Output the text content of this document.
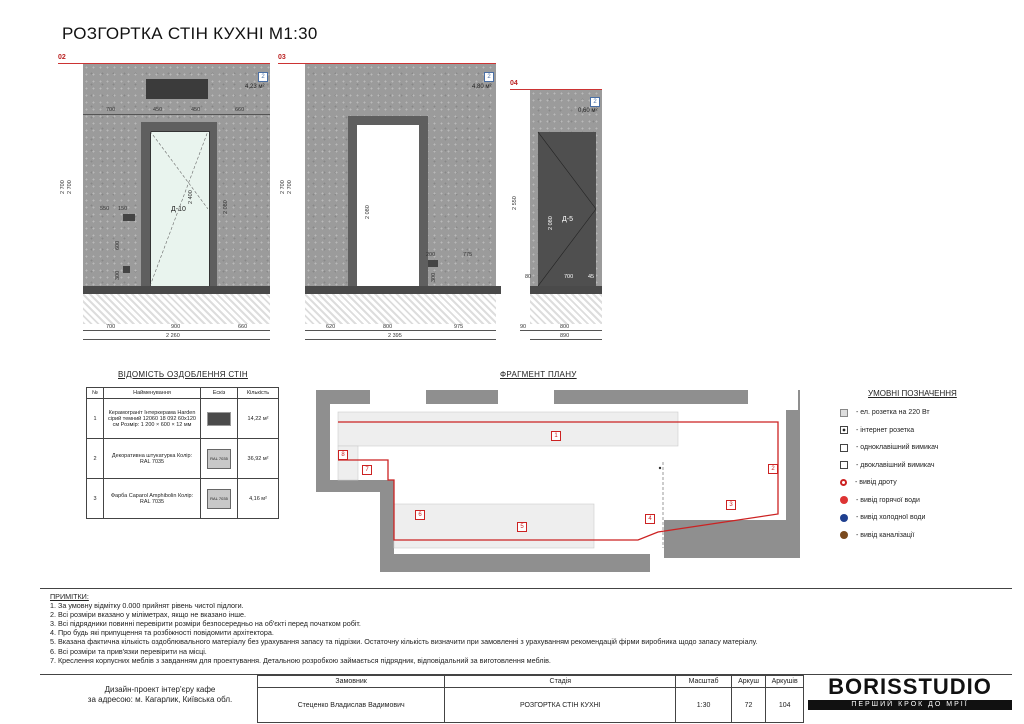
РОЗГОРТКА СТІН КУХНІ М1:30
02
2
4,23 м²
700	450	450	660
Д-10
2 400
2 080
550 150
600
300
2 700 2 700
700	900	660
2 260
03
2
4,80 м²
2 080
200	775
300
2 700 2 700
620	800	975
2 395
04
2
0,60 м²
Д-5
2 080
2 550
80	700	45
90	800
890
ВІДОМІСТЬ ОЗДОБЛЕННЯ СТІН
№	Найменування	Ескіз	Кількість
1	Керамограніт Інтеркерама Harden сірий темний 12060 18 092 60х120 см Розмір: 1 200 × 600 × 12 мм		14,22 м²
2	Декоративна штукатурка Колір: RAL 7035	RAL 7035	36,92 м²
3	Фарба Caparol Amphibolin Колір: RAL 7035	RAL 7035	4,16 м²
ФРАГМЕНТ ПЛАНУ
1
2
3
4
5
6
7
8
УМОВНІ ПОЗНАЧЕННЯ
- ел. розетка на 220 Вт
- інтернет розетка
- одноклавішний вимикач
- двоклавішний вимикач
- вивід дроту
- вивід горячої води
- вивід холодної води
- вивід каналізації
ПРИМІТКИ:
1. За умовну відмітку 0.000 прийнят рівень чистої підлоги.
2. Всі розміри вказано у міліметрах, якщо не вказано інше.
3. Всі підрядники повинні перевірити розміри безпосередньо на об'єкті перед початком робіт.
4. Про будь які припущення та розбіжності повідомити архітектора.
5. Вказана фактична кількість оздоблювального матеріалу без урахування запасу та підрізки. Остаточну кількість визначити при замовленні з урахуванням рекомендацій фірми виробника щодо запасу матеріалу.
6. Всі розміри та прив'язки перевірити на місці.
7. Креслення корпусних меблів з завданням для проектування. Детальною розробкою займається підрядник, відповідальний за виготовлення меблів.
Дизайн-проект інтер'єру кафе
за адресою: м. Кагарлик, Київська обл.
Замовник	Стадія	Масштаб	Аркуш	Аркушів
Стеценко Владислав Вадимович	РОЗГОРТКА СТІН КУХНІ	1:30	72	104
BORISSTUDIO
ПЕРШИЙ КРОК ДО МРІЇ
